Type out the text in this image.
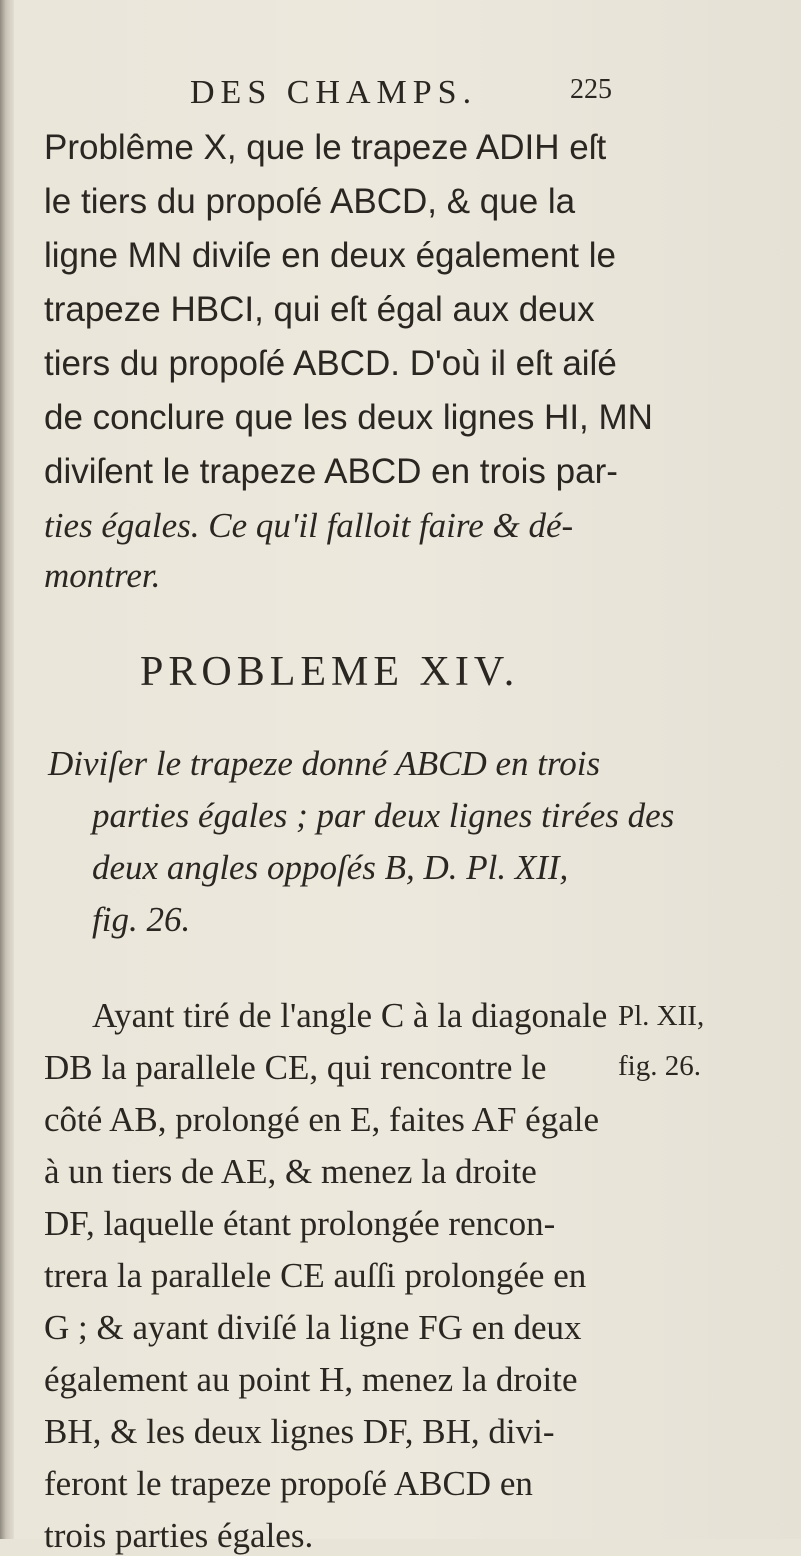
DES CHAMPS.	225
Problême X, que le trapeze ADIH eſt
le tiers du propoſé ABCD, & que la
ligne MN diviſe en deux également le
trapeze HBCI, qui eſt égal aux deux
tiers du propoſé ABCD. D'où il eſt aiſé
de conclure que les deux lignes HI, MN
diviſent le trapeze ABCD en trois par-
ties égales. Ce qu'il falloit faire & dé-
montrer.
PROBLEME XIV.
Diviſer le trapeze donné ABCD en trois
parties égales ; par deux lignes tirées des
deux angles oppoſés B, D. Pl. XII,
fig. 26.
Ayant tiré de l'angle C à la diagonale
DB la parallele CE, qui rencontre le
côté AB, prolongé en E, faites AF égale
à un tiers de AE, & menez la droite
DF, laquelle étant prolongée rencon-
trera la parallele CE auſſi prolongée en
G ; & ayant diviſé la ligne FG en deux
également au point H, menez la droite
BH, & les deux lignes DF, BH, divi-
feront le trapeze propoſé ABCD en
trois parties égales.
Pl. XII,
fig. 26.
